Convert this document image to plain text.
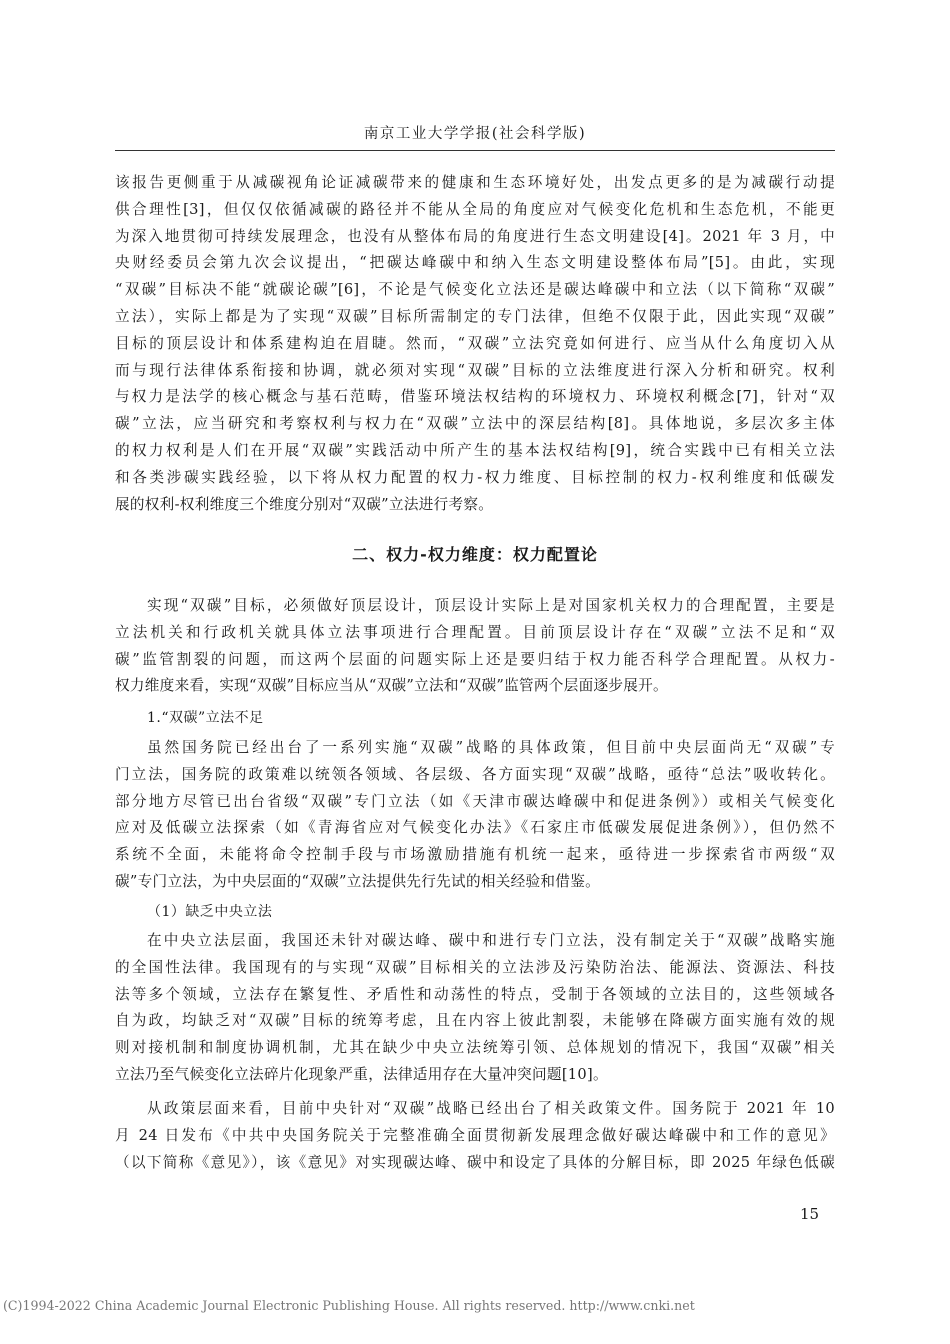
南京工业大学学报(社会科学版)
该报告更侧重于从减碳视角论证减碳带来的健康和生态环境好处，出发点更多的是为减碳行动提
供合理性[3]，但仅仅依循减碳的路径并不能从全局的角度应对气候变化危机和生态危机，不能更
为深入地贯彻可持续发展理念，也没有从整体布局的角度进行生态文明建设[4]。2021 年 3 月，中
央财经委员会第九次会议提出，“把碳达峰碳中和纳入生态文明建设整体布局”[5]。由此，实现
“双碳”目标决不能“就碳论碳”[6]，不论是气候变化立法还是碳达峰碳中和立法（以下简称“双碳”
立法），实际上都是为了实现“双碳”目标所需制定的专门法律，但绝不仅限于此，因此实现“双碳”
目标的顶层设计和体系建构迫在眉睫。然而，“双碳”立法究竟如何进行、应当从什么角度切入从
而与现行法律体系衔接和协调，就必须对实现“双碳”目标的立法维度进行深入分析和研究。权利
与权力是法学的核心概念与基石范畴，借鉴环境法权结构的环境权力、环境权利概念[7]，针对“双
碳”立法，应当研究和考察权利与权力在“双碳”立法中的深层结构[8]。具体地说，多层次多主体
的权力权利是人们在开展“双碳”实践活动中所产生的基本法权结构[9]，统合实践中已有相关立法
和各类涉碳实践经验，以下将从权力配置的权力-权力维度、目标控制的权力-权利维度和低碳发
展的权利-权利维度三个维度分别对“双碳”立法进行考察。
二、权力-权力维度：权力配置论
实现“双碳”目标，必须做好顶层设计，顶层设计实际上是对国家机关权力的合理配置，主要是
立法机关和行政机关就具体立法事项进行合理配置。目前顶层设计存在“双碳”立法不足和“双
碳”监管割裂的问题，而这两个层面的问题实际上还是要归结于权力能否科学合理配置。从权力-
权力维度来看，实现“双碳”目标应当从“双碳”立法和“双碳”监管两个层面逐步展开。
1.“双碳”立法不足
虽然国务院已经出台了一系列实施“双碳”战略的具体政策，但目前中央层面尚无“双碳”专
门立法，国务院的政策难以统领各领域、各层级、各方面实现“双碳”战略，亟待“总法”吸收转化。
部分地方尽管已出台省级“双碳”专门立法（如《天津市碳达峰碳中和促进条例》）或相关气候变化
应对及低碳立法探索（如《青海省应对气候变化办法》《石家庄市低碳发展促进条例》），但仍然不
系统不全面，未能将命令控制手段与市场激励措施有机统一起来，亟待进一步探索省市两级“双
碳”专门立法，为中央层面的“双碳”立法提供先行先试的相关经验和借鉴。
（1）缺乏中央立法
在中央立法层面，我国还未针对碳达峰、碳中和进行专门立法，没有制定关于“双碳”战略实施
的全国性法律。我国现有的与实现“双碳”目标相关的立法涉及污染防治法、能源法、资源法、科技
法等多个领域，立法存在繁复性、矛盾性和动荡性的特点，受制于各领域的立法目的，这些领域各
自为政，均缺乏对“双碳”目标的统筹考虑，且在内容上彼此割裂，未能够在降碳方面实施有效的规
则对接机制和制度协调机制，尤其在缺少中央立法统筹引领、总体规划的情况下，我国“双碳”相关
立法乃至气候变化立法碎片化现象严重，法律适用存在大量冲突问题[10]。
从政策层面来看，目前中央针对“双碳”战略已经出台了相关政策文件。国务院于 2021 年 10
月 24 日发布《中共中央国务院关于完整准确全面贯彻新发展理念做好碳达峰碳中和工作的意见》
（以下简称《意见》），该《意见》对实现碳达峰、碳中和设定了具体的分解目标，即 2025 年绿色低碳
15
(C)1994-2022 China Academic Journal Electronic Publishing House. All rights reserved. http://www.cnki.net
